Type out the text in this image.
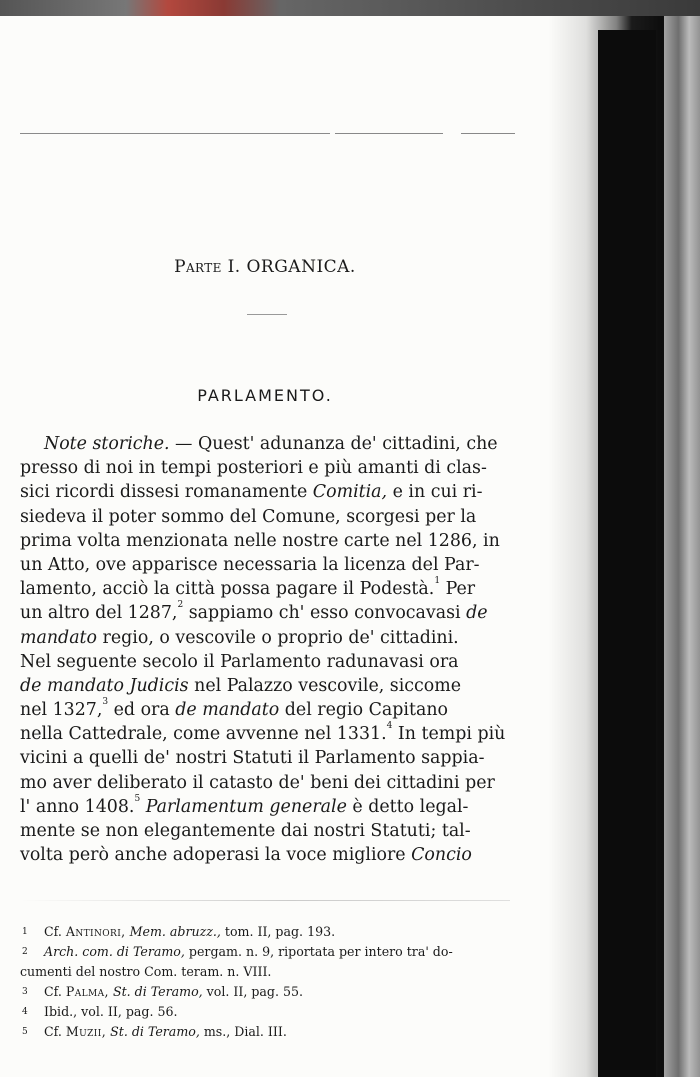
Parte I. ORGANICA.
PARLAMENTO.
Note storiche. — Quest' adunanza de' cittadini, che
presso di noi in tempi posteriori e più amanti di clas-
sici ricordi dissesi romanamente Comitia, e in cui ri-
siedeva il poter sommo del Comune, scorgesi per la
prima volta menzionata nelle nostre carte nel 1286, in
un Atto, ove apparisce necessaria la licenza del Par-
lamento, acciò la città possa pagare il Podestà.$^1$ Per
un altro del 1287,$^2$ sappiamo ch' esso convocavasi de
mandato regio, o vescovile o proprio de' cittadini.
Nel seguente secolo il Parlamento radunavasi ora
de mandato Judicis nel Palazzo vescovile, siccome
nel 1327,$^3$ ed ora de mandato del regio Capitano
nella Cattedrale, come avvenne nel 1331.$^4$ In tempi più
vicini a quelli de' nostri Statuti il Parlamento sappia-
mo aver deliberato il catasto de' beni dei cittadini per
l' anno 1408.$^5$ Parlamentum generale è detto legal-
mente se non elegantemente dai nostri Statuti; tal-
volta però anche adoperasi la voce migliore Concio
1 Cf. Antinori, Mem. abruzz., tom. II, pag. 193.
2 Arch. com. di Teramo, pergam. n. 9, riportata per intero tra' do-
cumenti del nostro Com. teram. n. VIII.
3 Cf. Palma, St. di Teramo, vol. II, pag. 55.
4 Ibid., vol. II, pag. 56.
5 Cf. Muzii, St. di Teramo, ms., Dial. III.
